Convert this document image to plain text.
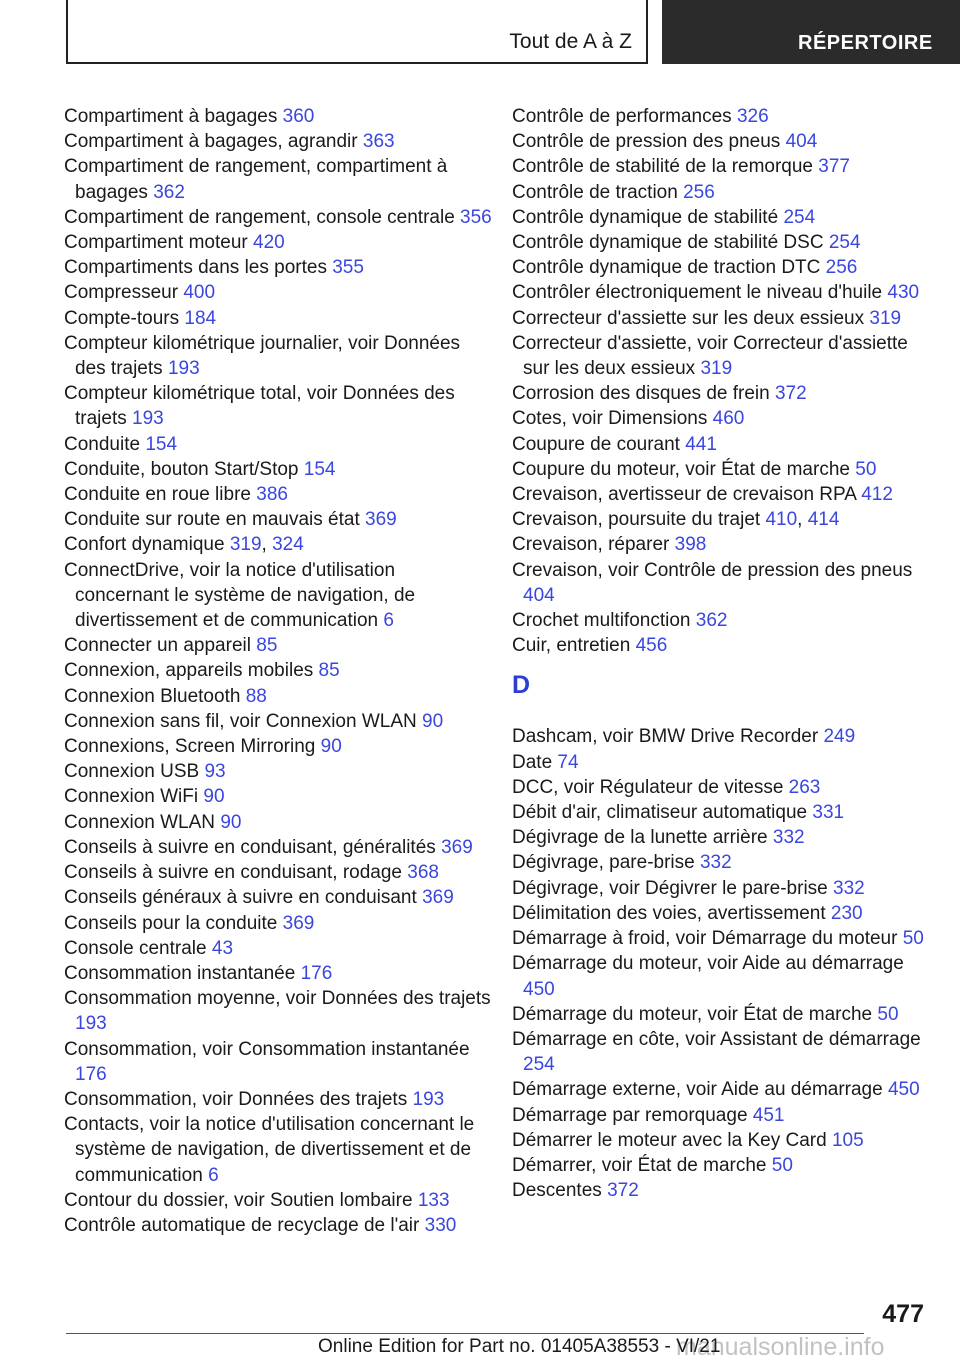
Tout de A à Z	RÉPERTOIRE
Compartiment à bagages 360
Compartiment à bagages, agrandir 363
Compartiment de rangement, compartiment à bagages 362
Compartiment de rangement, console centrale 356
Compartiment moteur 420
Compartiments dans les portes 355
Compresseur 400
Compte-tours 184
Compteur kilométrique journalier, voir Données des trajets 193
Compteur kilométrique total, voir Données des trajets 193
Conduite 154
Conduite, bouton Start/Stop 154
Conduite en roue libre 386
Conduite sur route en mauvais état 369
Confort dynamique 319, 324
ConnectDrive, voir la notice d'utilisation concernant le système de navigation, de divertissement et de communication 6
Connecter un appareil 85
Connexion, appareils mobiles 85
Connexion Bluetooth 88
Connexion sans fil, voir Connexion WLAN 90
Connexions, Screen Mirroring 90
Connexion USB 93
Connexion WiFi 90
Connexion WLAN 90
Conseils à suivre en conduisant, généralités 369
Conseils à suivre en conduisant, rodage 368
Conseils généraux à suivre en conduisant 369
Conseils pour la conduite 369
Console centrale 43
Consommation instantanée 176
Consommation moyenne, voir Données des trajets 193
Consommation, voir Consommation instantanée 176
Consommation, voir Données des trajets 193
Contacts, voir la notice d'utilisation concernant le système de navigation, de divertissement et de communication 6
Contour du dossier, voir Soutien lombaire 133
Contrôle automatique de recyclage de l'air 330
Contrôle de performances 326
Contrôle de pression des pneus 404
Contrôle de stabilité de la remorque 377
Contrôle de traction 256
Contrôle dynamique de stabilité 254
Contrôle dynamique de stabilité DSC 254
Contrôle dynamique de traction DTC 256
Contrôler électroniquement le niveau d'huile 430
Correcteur d'assiette sur les deux essieux 319
Correcteur d'assiette, voir Correcteur d'assiette sur les deux essieux 319
Corrosion des disques de frein 372
Cotes, voir Dimensions 460
Coupure de courant 441
Coupure du moteur, voir État de marche 50
Crevaison, avertisseur de crevaison RPA 412
Crevaison, poursuite du trajet 410, 414
Crevaison, réparer 398
Crevaison, voir Contrôle de pression des pneus 404
Crochet multifonction 362
Cuir, entretien 456
D
Dashcam, voir BMW Drive Recorder 249
Date 74
DCC, voir Régulateur de vitesse 263
Débit d'air, climatiseur automatique 331
Dégivrage de la lunette arrière 332
Dégivrage, pare-brise 332
Dégivrage, voir Dégivrer le pare-brise 332
Délimitation des voies, avertissement 230
Démarrage à froid, voir Démarrage du moteur 50
Démarrage du moteur, voir Aide au démarrage 450
Démarrage du moteur, voir État de marche 50
Démarrage en côte, voir Assistant de démarrage 254
Démarrage externe, voir Aide au démarrage 450
Démarrage par remorquage 451
Démarrer le moteur avec la Key Card 105
Démarrer, voir État de marche 50
Descentes 372
477
manualsonline.info
Online Edition for Part no. 01405A38553 - VI/21
